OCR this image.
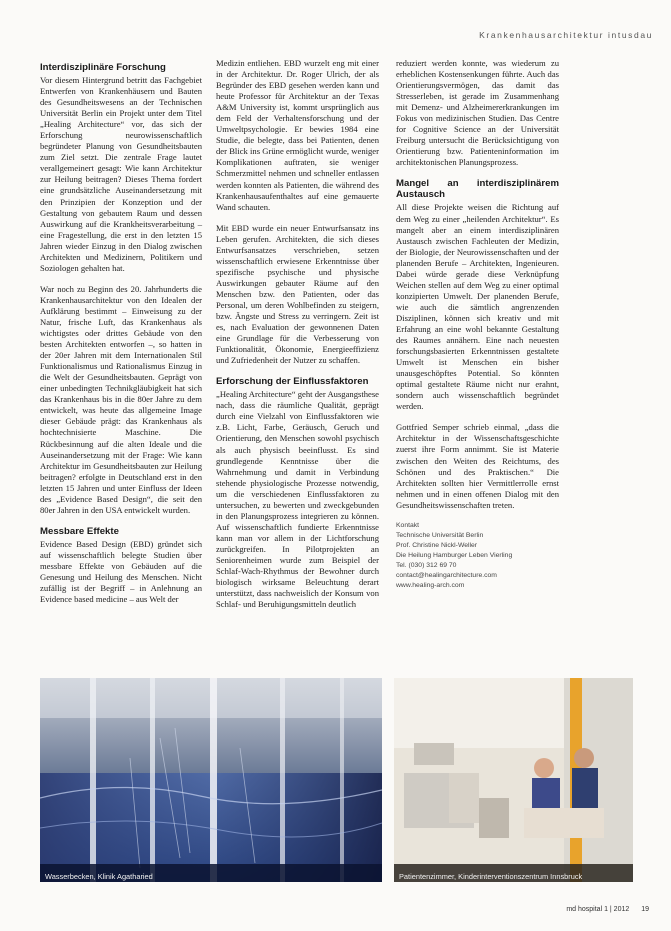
Krankenhausarchitektur intusdau
Interdisziplinäre Forschung

Vor diesem Hintergrund betritt das Fachgebiet Entwerfen von Krankenhäusern und Bauten des Gesundheitswesens an der Technischen Universität Berlin ein Projekt unter dem Titel „Healing Architecture“ vor, das sich der Erforschung neurowissenschaftlich begründeter Planung von Gesundheitsbauten zum Ziel setzt. Die zentrale Frage lautet verallgemeinert gesagt: Wie kann Architektur zur Heilung beitragen? Dieses Thema fordert eine grundsätzliche Auseinandersetzung mit den Prinzipien der Konzeption und der Gestaltung von gebautem Raum und dessen Auswirkung auf die Krankheitsverarbeitung – eine Fragestellung, die erst in den letzten 15 Jahren wieder Einzug in den Dialog zwischen Architekten und Medizinern, Politikern und Soziologen gehalten hat.

War noch zu Beginn des 20. Jahrhunderts die Krankenhausarchitektur von den Idealen der Aufklärung bestimmt – Einweisung zu der Natur, frische Luft, das Krankenhaus als wichtigstes oder drittes Gebäude von den besten Architekten entworfen –, so hatten in der 20er Jahren mit dem Internationalen Stil Funktionalismus und Rationalismus Einzug in die Welt der Gesundheitsbauten. Geprägt von einer unbedingten Technikgläubigkeit hat sich das Krankenhaus bis in die 80er Jahre zu dem entwickelt, was heute das allgemeine Image dieser Gebäude prägt: das Krankenhaus als hochtechnisierte Maschine. Die Rückbesinnung auf die alten Ideale und die Auseinandersetzung mit der Frage: Wie kann Architektur im Gesundheitsbauten zur Heilung beitragen? erfolgte in Deutschland erst in den letzten 15 Jahren und unter Einfluss der Ideen des „Evidence Based Design“, die seit den 80er Jahren in den USA entwickelt wurden.

Messbare Effekte

Evidence Based Design (EBD) gründet sich auf wissenschaftlich belegte Studien über messbare Effekte von Gebäuden auf die Genesung und Heilung des Menschen. Nicht zufällig ist der Begriff – in Anlehnung an Evidence based medicine – aus Welt der

Medizin entliehen. EBD wurzelt eng mit einer in der Architektur. Dr. Roger Ulrich, der als Begründer des EBD gesehen werden kann und heute Professor für Architektur an der Texas A&M University ist, kommt ursprünglich aus dem Feld der Verhaltensforschung und der Umweltpsychologie. Er bewies 1984 eine Studie, die belegte, dass bei Patienten, denen der Blick ins Grüne ermöglicht wurde, weniger Komplikationen auftraten, sie weniger Schmerzmittel nehmen und schneller entlassen werden konnten als Patienten, die während des Krankenhausaufenthaltes auf eine gemauerte Wand schauten.

Mit EBD wurde ein neuer Entwurfsansatz ins Leben gerufen. Architekten, die sich dieses Entwurfsansatzes verschrieben, setzen wissenschaftlich erwiesene Erkenntnisse über spezifische psychische und physische Auswirkungen gebauter Räume auf den Menschen bzw. den Patienten, oder das Personal, um deren Wohlbefinden zu steigern, bzw. Ängste und Stress zu verringern. Zeit ist es, nach Evaluation der gewonnenen Daten eine Grundlage für die Verbesserung von Funktionalität, Ökonomie, Energieeffizienz und Zufriedenheit der Nutzer zu schaffen.

Erforschung der Einflussfaktoren

„Healing Architecture“ geht der Ausgangsthese nach, dass die räumliche Qualität, geprägt durch eine Vielzahl von Einflussfaktoren wie z.B. Licht, Farbe, Geräusch, Geruch und Orientierung, den Menschen sowohl psychisch als auch physisch beeinflusst. Es sind grundlegende Kenntnisse über die Wahrnehmung und damit in Verbindung stehende physiologische Prozesse notwendig, um die verschiedenen Einflussfaktoren zu untersuchen, zu bewerten und zweckgebunden in den Planungsprozess integrieren zu können. Auf wissenschaftlich fundierte Erkenntnisse kann man vor allem in der Lichtforschung zurückgreifen. In Pilotprojekten an Seniorenheimen wurde zum Beispiel der Schlaf-Wach-Rhythmus der Bewohner durch biologisch wirksame Beleuchtung derart unterstützt, dass nachweislich der Konsum von Schlaf- und Beruhigungsmitteln deutlich

reduziert werden konnte, was wiederum zu erheblichen Kostensenkungen führte. Auch das Orientierungsvermögen, das damit das Stresserleben, ist gerade im Zusammenhang mit Demenz- und Alzheimererkrankungen im Fokus von medizinischen Studien. Das Centre for Cognitive Science an der Universität Freiburg untersucht die Berücksichtigung von Orientierung bzw. Patienteninformation im architektonischen Planungsprozess.

Mangel an interdisziplinärem Austausch

All diese Projekte weisen die Richtung auf dem Weg zu einer „heilenden Architektur“. Es mangelt aber an einem interdisziplinären Austausch zwischen Fachleuten der Medizin, der Biologie, der Neurowissenschaften und der planenden Berufe – Architekten, Ingenieuren. Dabei würde gerade diese Verknüpfung Weichen stellen auf dem Weg zu einer optimal konzipierten Umwelt. Der planenden Berufe, wie auch die sämtlich angrenzenden Disziplinen, können sich kreativ und mit Erfahrung an eine wohl bekannte Gestaltung des Raumes annähern. Eine nach neuesten forschungsbasierten Erkenntnissen gestaltete Umwelt ist Menschen ein bisher unausgeschöpftes Potential. So könnten optimal gestaltete Räume nicht nur erahnt, sondern auch wissenschaftlich begründet werden.

Gottfried Semper schrieb einmal, „dass die Architektur in der Wissenschaftsgeschichte zuerst ihre Form annimmt. Sie ist Materie zwischen den Weiten des Reichtums, des Schönen und des Praktischen.“ Die Architekten sollten hier Vermittlerrolle ernst nehmen und in einen offenen Dialog mit den Gesundheitswissenschaften treten.

Kontakt
Technische Universität Berlin
Prof. Christine Nickl-Weller
Die Heilung Hamburger Leben Vierling
Tel. (030) 312 69 70
contact@healingarchitecture.com
www.healing-arch.com
Wasserbecken, Klinik Agatharied	Patientenzimmer, Kinderinterventionszentrum Innsbruck
md hospital 1 | 2012 19
